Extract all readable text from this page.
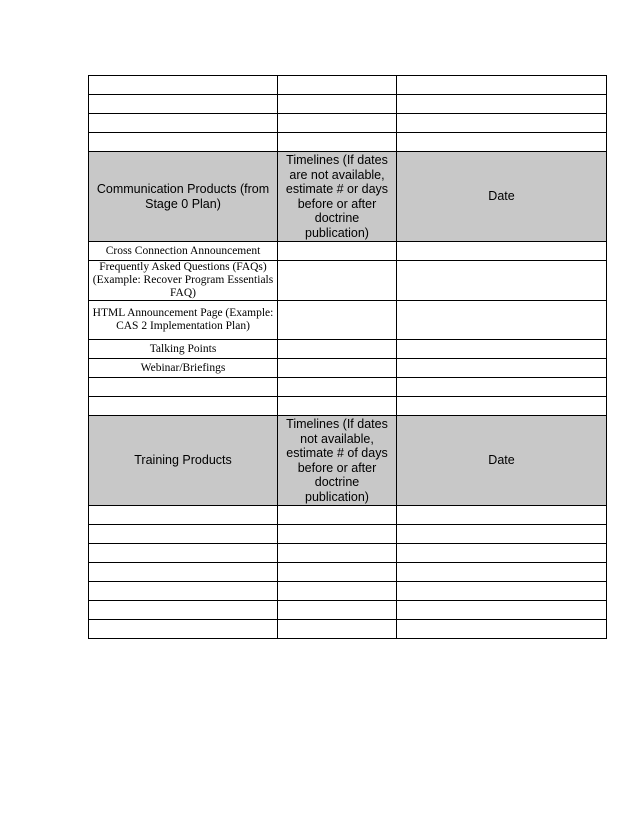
Communication Products (from Stage 0 Plan)	Timelines (If dates are not available, estimate # or days before or after doctrine publication)	Date
Cross Connection Announcement		
Frequently Asked Questions (FAQs) (Example: Recover Program Essentials FAQ)		
HTML Announcement Page (Example: CAS 2 Implementation Plan)		
Talking Points		
Webinar/Briefings		

Training Products	Timelines (If dates not available, estimate # of days before or after doctrine publication)	Date
